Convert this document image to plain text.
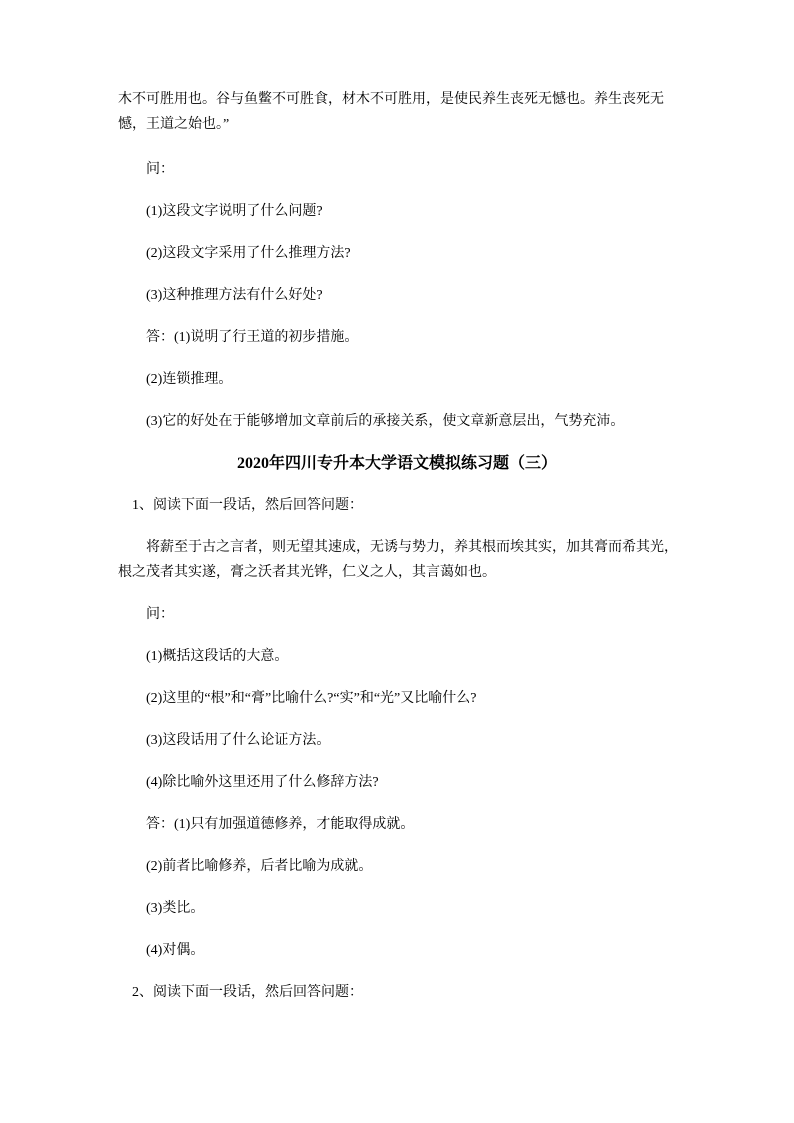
木不可胜用也。谷与鱼鳖不可胜食，材木不可胜用，是使民养生丧死无憾也。养生丧死无
憾，王道之始也。”
问：
(1)这段文字说明了什么问题?
(2)这段文字采用了什么推理方法?
(3)这种推理方法有什么好处?
答：(1)说明了行王道的初步措施。
(2)连锁推理。
(3)它的好处在于能够增加文章前后的承接关系，使文章新意层出，气势充沛。
2020年四川专升本大学语文模拟练习题（三）
1、阅读下面一段话，然后回答问题：
将薪至于古之言者，则无望其速成，无诱与势力，养其根而埃其实，加其膏而希其光，
根之茂者其实遂，膏之沃者其光铧，仁义之人，其言蔼如也。
问：
(1)概括这段话的大意。
(2)这里的“根”和“膏”比喻什么?“实”和“光”又比喻什么?
(3)这段话用了什么论证方法。
(4)除比喻外这里还用了什么修辞方法?
答：(1)只有加强道德修养，才能取得成就。
(2)前者比喻修养，后者比喻为成就。
(3)类比。
(4)对偶。
2、阅读下面一段话，然后回答问题：
